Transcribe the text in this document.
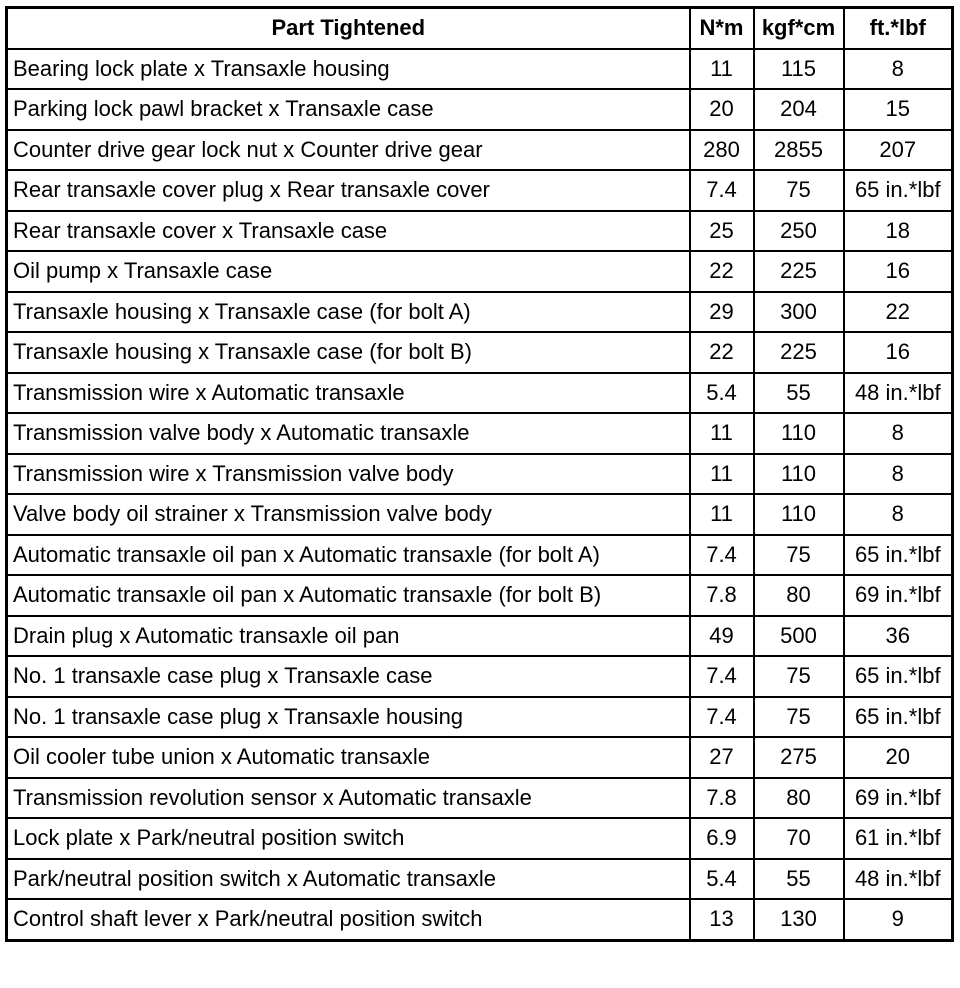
Part Tightened	N*m	kgf*cm	ft.*lbf
Bearing lock plate x Transaxle housing	11	115	8
Parking lock pawl bracket x Transaxle case	20	204	15
Counter drive gear lock nut x Counter drive gear	280	2855	207
Rear transaxle cover plug x Rear transaxle cover	7.4	75	65 in.*lbf
Rear transaxle cover x Transaxle case	25	250	18
Oil pump x Transaxle case	22	225	16
Transaxle housing x Transaxle case (for bolt A)	29	300	22
Transaxle housing x Transaxle case (for bolt B)	22	225	16
Transmission wire x Automatic transaxle	5.4	55	48 in.*lbf
Transmission valve body x Automatic transaxle	11	110	8
Transmission wire x Transmission valve body	11	110	8
Valve body oil strainer x Transmission valve body	11	110	8
Automatic transaxle oil pan x Automatic transaxle (for bolt A)	7.4	75	65 in.*lbf
Automatic transaxle oil pan x Automatic transaxle (for bolt B)	7.8	80	69 in.*lbf
Drain plug x Automatic transaxle oil pan	49	500	36
No. 1 transaxle case plug x Transaxle case	7.4	75	65 in.*lbf
No. 1 transaxle case plug x Transaxle housing	7.4	75	65 in.*lbf
Oil cooler tube union x Automatic transaxle	27	275	20
Transmission revolution sensor x Automatic transaxle	7.8	80	69 in.*lbf
Lock plate x Park/neutral position switch	6.9	70	61 in.*lbf
Park/neutral position switch x Automatic transaxle	5.4	55	48 in.*lbf
Control shaft lever x Park/neutral position switch	13	130	9
